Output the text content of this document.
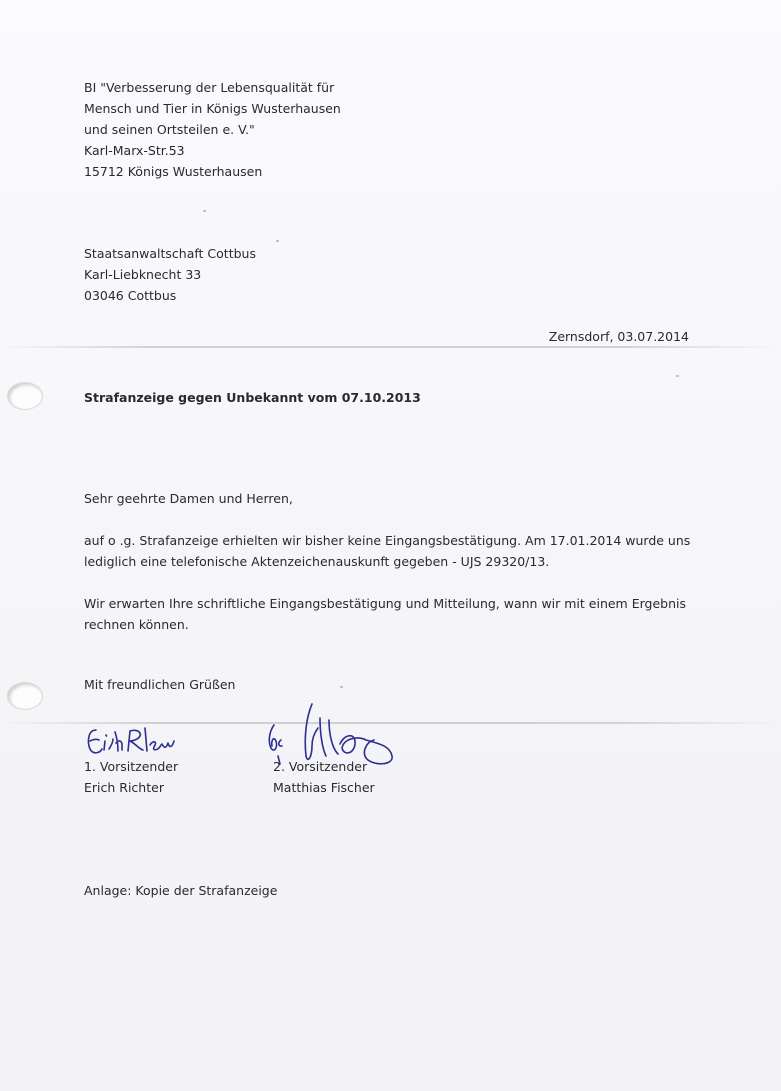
BI "Verbesserung der Lebensqualität für
Mensch und Tier in Königs Wusterhausen
und seinen Ortsteilen e. V."
Karl-Marx-Str.53
15712 Königs Wusterhausen
Staatsanwaltschaft Cottbus
Karl-Liebknecht 33
03046 Cottbus
Zernsdorf, 03.07.2014
Strafanzeige gegen Unbekannt vom 07.10.2013
Sehr geehrte Damen und Herren,
auf o .g. Strafanzeige erhielten wir bisher keine Eingangsbestätigung. Am 17.01.2014 wurde uns
lediglich eine telefonische Aktenzeichenauskunft gegeben - UJS 29320/13.
Wir erwarten Ihre schriftliche Eingangsbestätigung und Mitteilung, wann wir mit einem Ergebnis
rechnen können.
Mit freundlichen Grüßen
1. Vorsitzender
Erich Richter
2. Vorsitzender
Matthias Fischer
Anlage: Kopie der Strafanzeige
